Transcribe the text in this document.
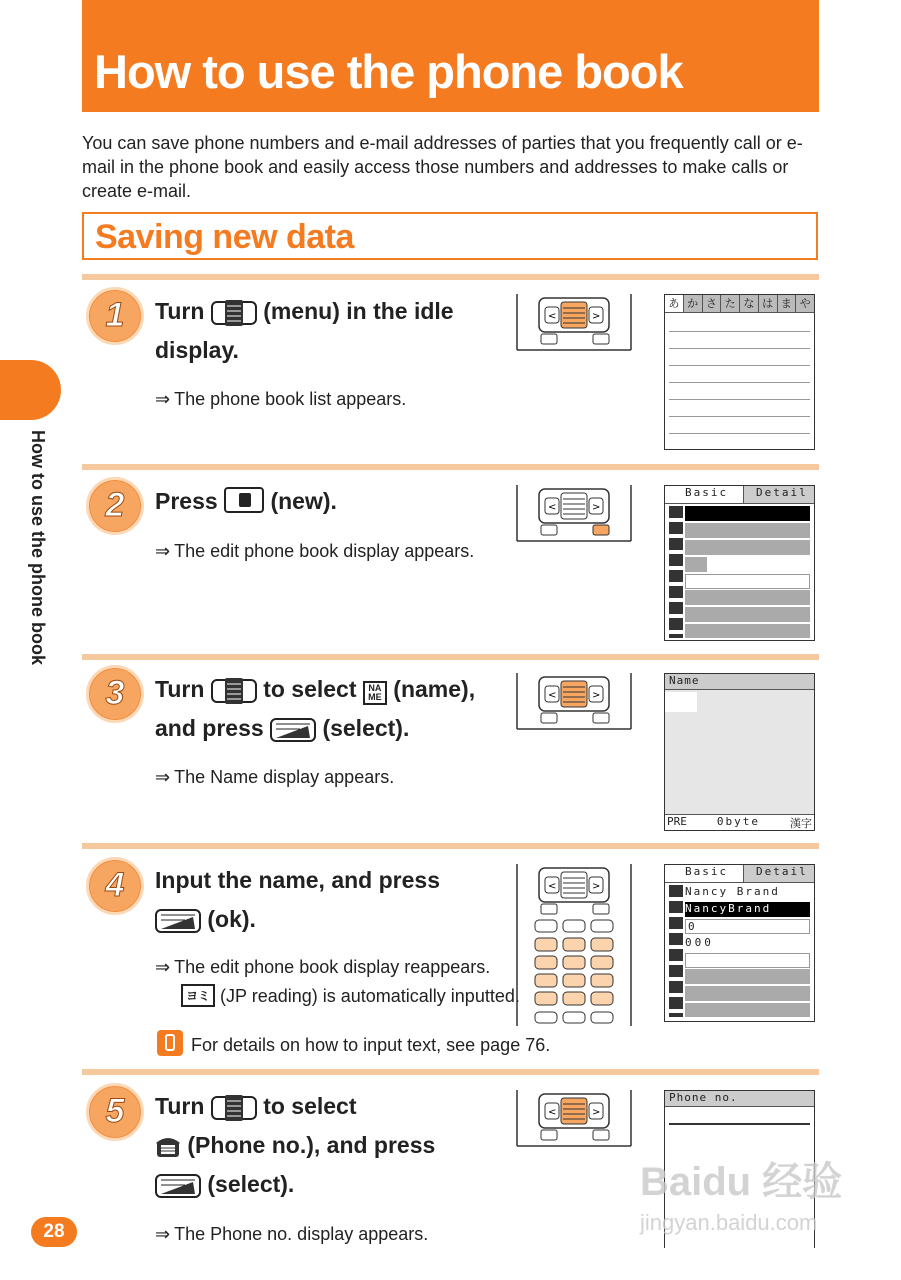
How to use the phone book

You can save phone numbers and e-mail addresses of parties that you frequently call or e-mail in the phone book and easily access those numbers and addresses to make calls or create e-mail.

Saving new data
How to use the phone book
1	Turn	(menu) in the idle
display.
⇒ The phone book list appears.
<	>
あ か さ た な は ま や
2	Press (new).
⇒ The edit phone book display appears.
<	>
Basic	Detail
3	Turn	to select NA
ME (name),
and press	(select).
⇒ The Name display appears.
<	>
Name
PRE	0byte	漢字
4	Input the name, and press
(ok).
⇒ The edit phone book display reappears.
ヨミ (JP reading) is automatically inputted.
<	>
Basic	Detail
Nancy Brand
NancyBrand
0
000
For details on how to input text, see page 76.
5	Turn	to select
(Phone no.), and press
(select).
⇒ The Phone no. display appears.
<	>
Phone no.
Baidu 经验
jingyan.baidu.com
28
